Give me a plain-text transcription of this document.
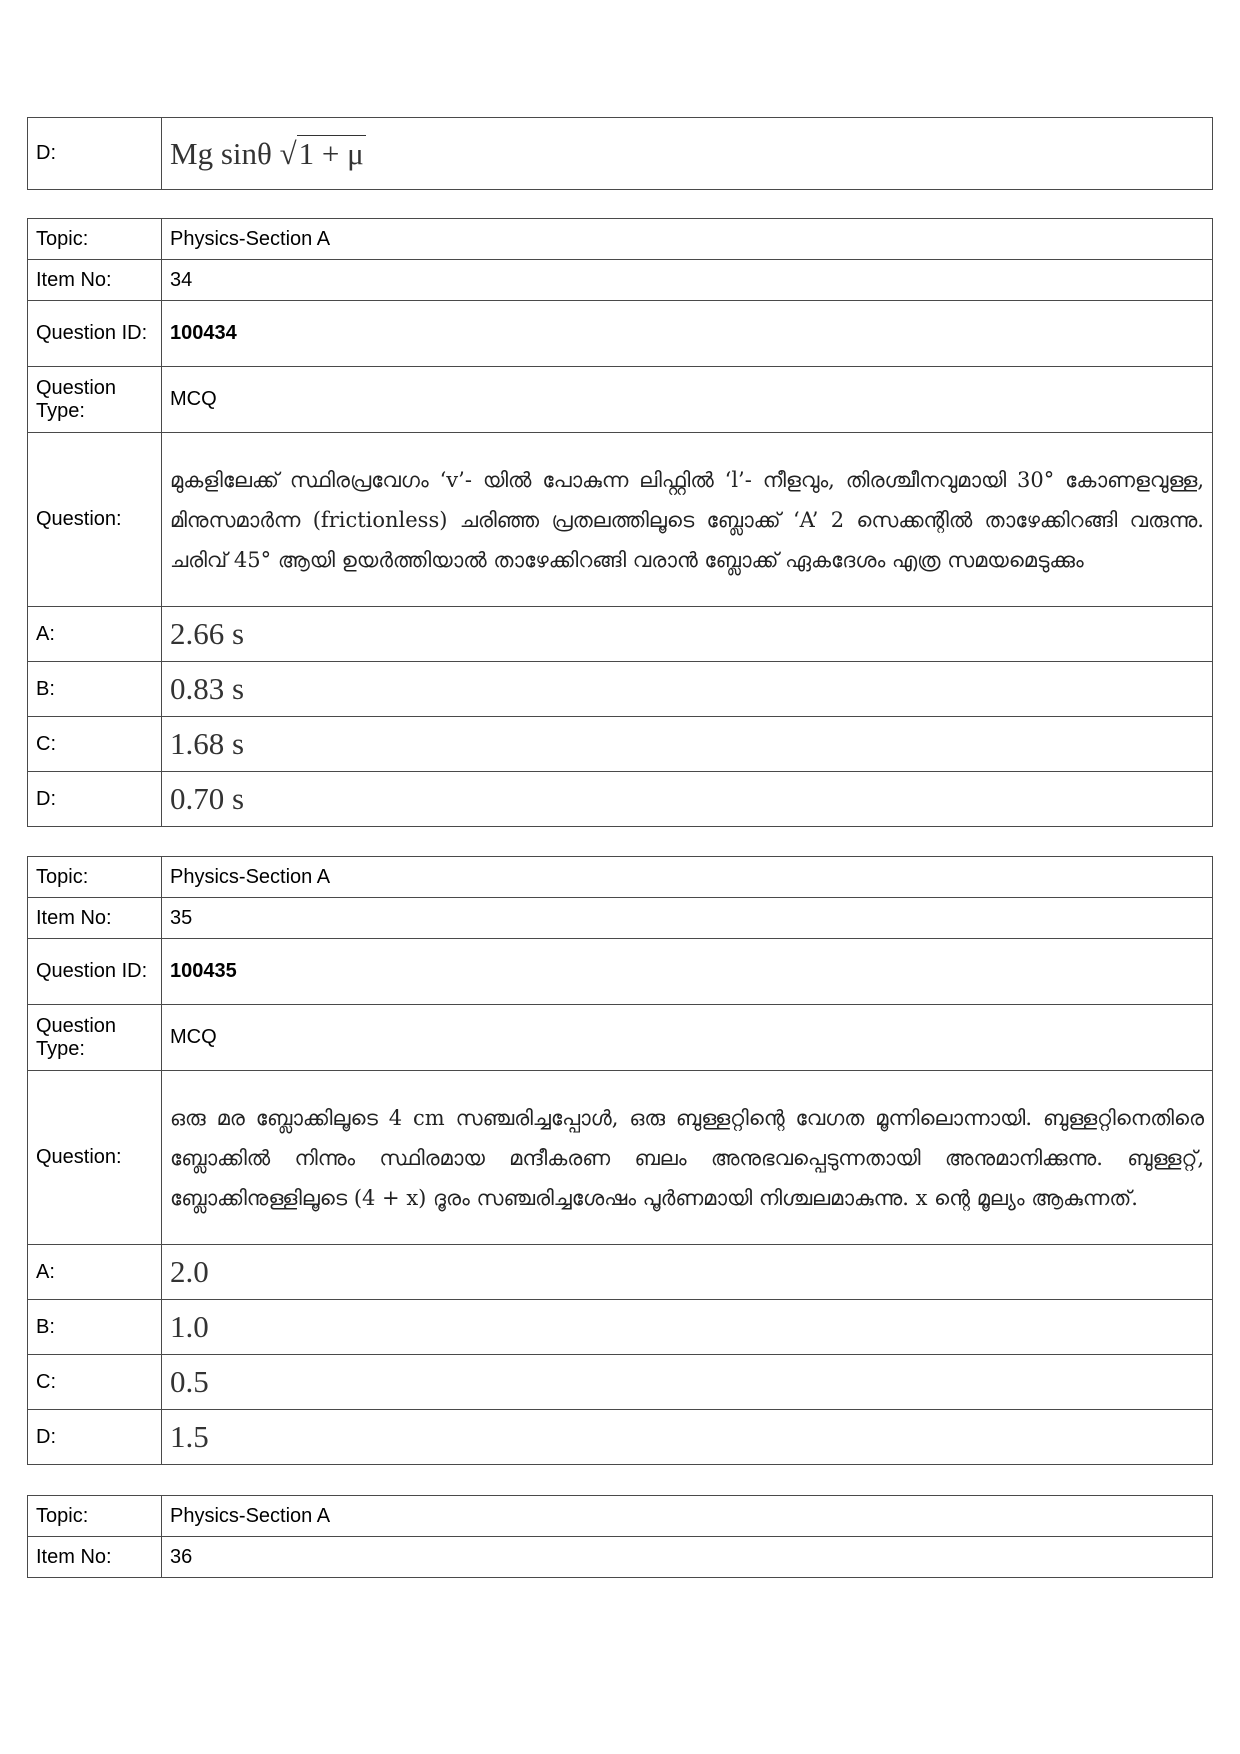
D:	Mg sinθ √1 + μ
Topic:	Physics-Section A
Item No:	34
Question ID:	100434
Question Type:	MCQ
Question:	മുകളിലേക്ക് സ്ഥിരപ്രവേഗം ‘v’- യിൽ പോകുന്ന ലിഫ്റ്റിൽ ‘l’- നീളവും, തിരശ്ചീനവുമായി 30° കോണളവുള്ള, മിനുസമാർന്ന (frictionless) ചരിഞ്ഞ പ്രതലത്തിലൂടെ ബ്ലോക്ക് ‘A’ 2 സെക്കന്റിൽ താഴേക്കിറങ്ങി വരുന്നു. ചരിവ് 45° ആയി ഉയർത്തിയാൽ താഴേക്കിറങ്ങി വരാൻ ബ്ലോക്ക് ഏകദേശം എത്ര സമയമെടുക്കും
A:	2.66 s
B:	0.83 s
C:	1.68 s
D:	0.70 s
Topic:	Physics-Section A
Item No:	35
Question ID:	100435
Question Type:	MCQ
Question:	ഒരു മര ബ്ലോക്കിലൂടെ 4 cm സഞ്ചരിച്ചപ്പോൾ, ഒരു ബുള്ളറ്റിന്റെ വേഗത മൂന്നിലൊന്നായി. ബുള്ളറ്റിനെതിരെ ബ്ലോക്കിൽ നിന്നും സ്ഥിരമായ മന്ദീകരണ ബലം അനുഭവപ്പെടുന്നതായി അനുമാനിക്കുന്നു. ബുള്ളറ്റ്, ബ്ലോക്കിനുള്ളിലൂടെ (4 + x) ദൂരം സഞ്ചരിച്ചശേഷം പൂർണമായി നിശ്ചലമാകുന്നു. x ന്റെ മൂല്യം ആകുന്നത്.
A:	2.0
B:	1.0
C:	0.5
D:	1.5
Topic:	Physics-Section A
Item No:	36
